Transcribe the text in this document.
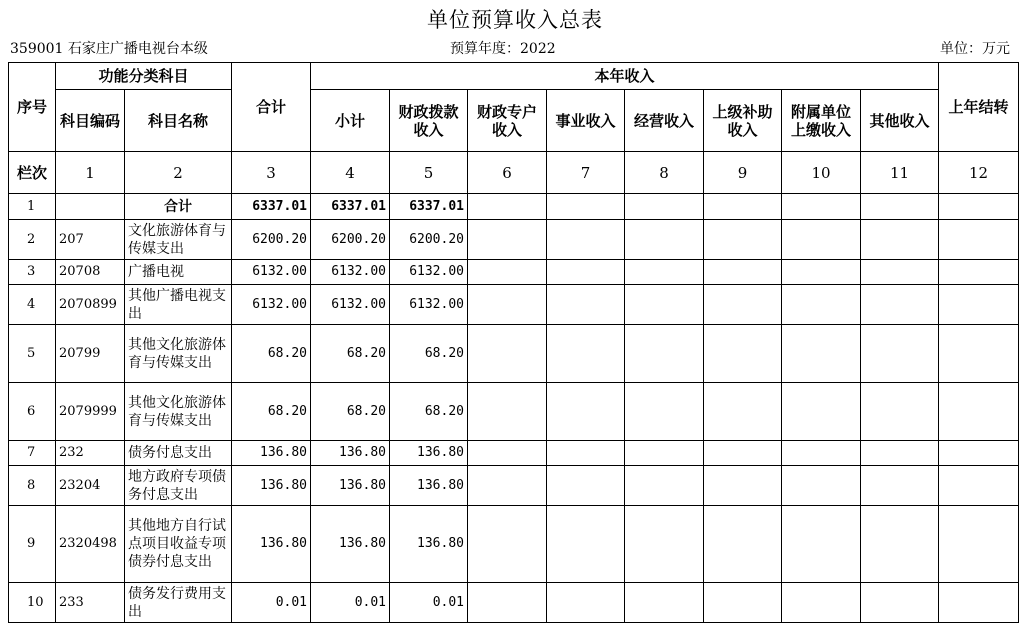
单位预算收入总表
359001 石家庄广播电视台本级	预算年度：2022	单位：万元
序号	功能分类科目		合计	本年收入								上年结转
	科目编码	科目名称		小计	财政拨款 收入	财政专户 收入	事业收入	经营收入	上级补助收入	附属单位上缴收入	其他收入	
栏次	1	2	3	4	5	6	7	8	9	10	11	12
1		合计	6337.01	6337.01	6337.01							
2	207	文化旅游体育与传媒支出	6200.20	6200.20	6200.20							
3	20708	广播电视	6132.00	6132.00	6132.00							
4	2070899	其他广播电视支出	6132.00	6132.00	6132.00							
5	20799	其他文化旅游体育与传媒支出	68.20	68.20	68.20							
6	2079999	其他文化旅游体育与传媒支出	68.20	68.20	68.20							
7	232	债务付息支出	136.80	136.80	136.80							
8	23204	地方政府专项债务付息支出	136.80	136.80	136.80							
9	2320498	其他地方自行试点项目收益专项债券付息支出	136.80	136.80	136.80							
10	233	债务发行费用支出	0.01	0.01	0.01							
